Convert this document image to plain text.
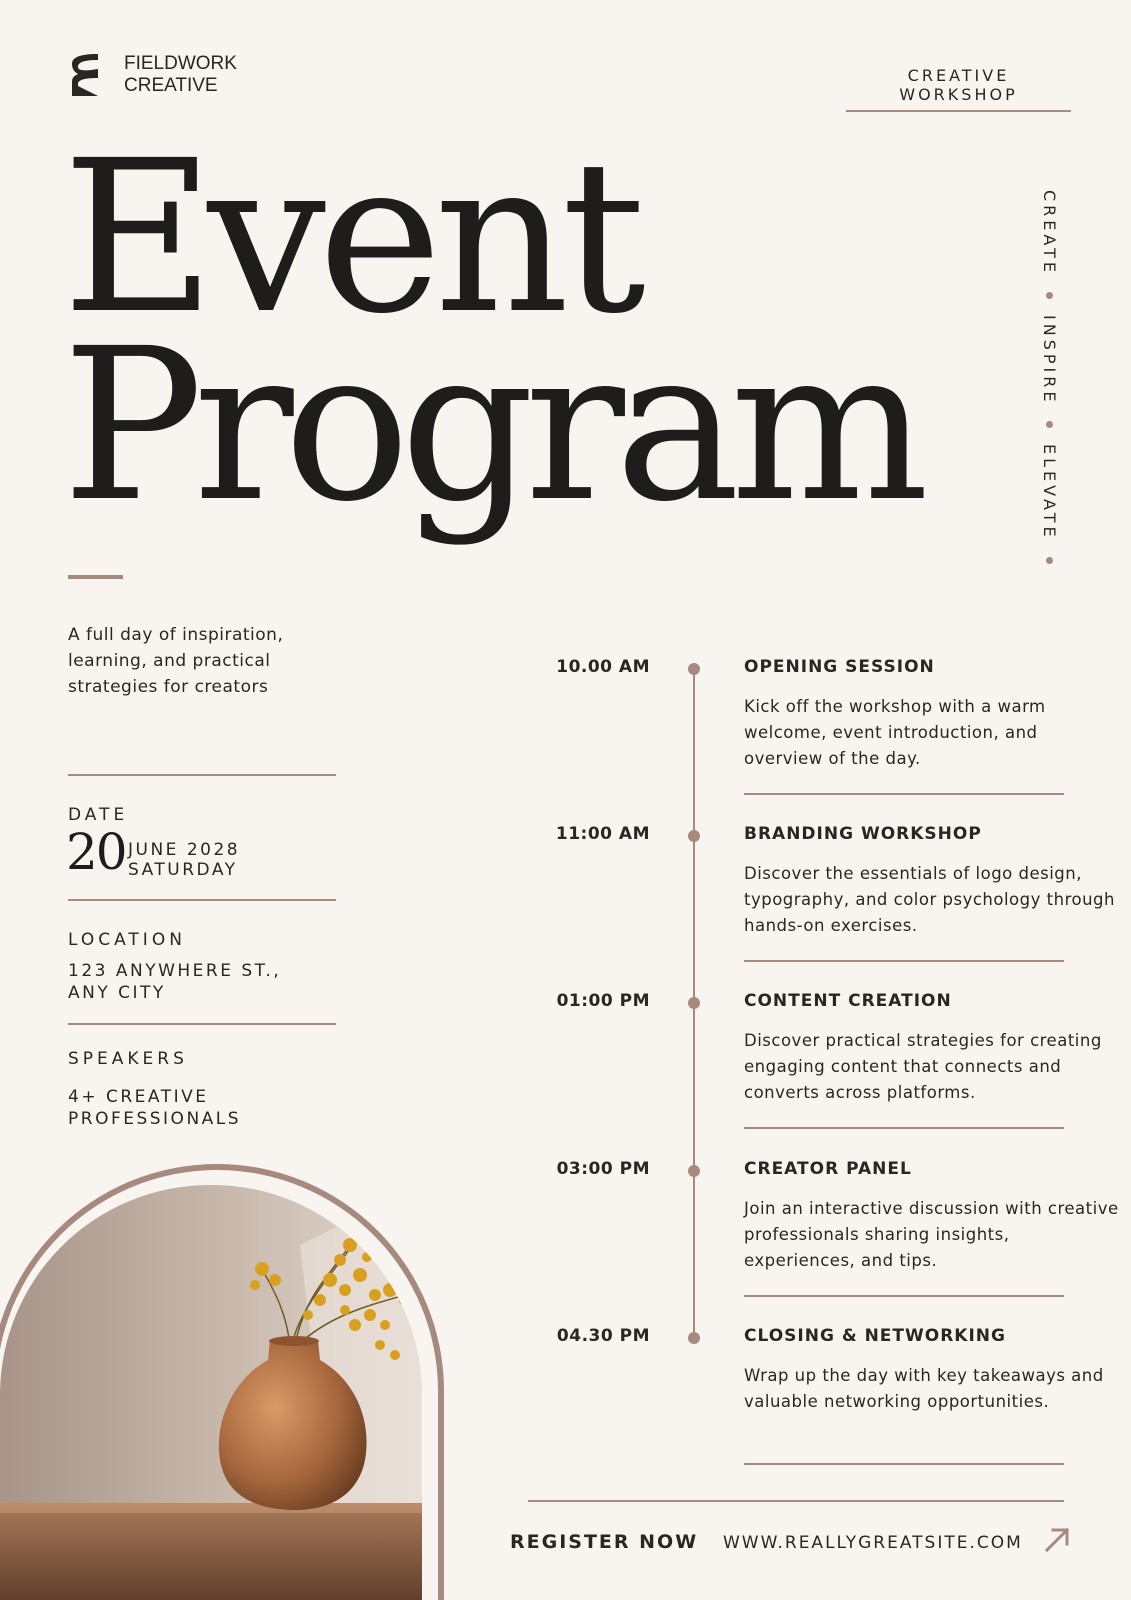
FIELDWORK
CREATIVE	CREATIVE WORKSHOP
Event
Program
CREATE
INSPIRE
ELEVATE

A full day of inspiration, learning, and practical strategies for creators

DATE
20 JUNE 2028
SATURDAY
LOCATION
123 ANYWHERE ST.,
ANY CITY
SPEAKERS
4+ CREATIVE
PROFESSIONALS
10.00 AM	OPENING SESSION
Kick off the workshop with a warm welcome, event introduction, and overview of the day.
11:00 AM	BRANDING WORKSHOP
Discover the essentials of logo design, typography, and color psychology through hands-on exercises.
01:00 PM	CONTENT CREATION
Discover practical strategies for creating engaging content that connects and converts across platforms.
03:00 PM	CREATOR PANEL
Join an interactive discussion with creative professionals sharing insights, experiences, and tips.
04.30 PM	CLOSING & NETWORKING
Wrap up the day with key takeaways and valuable networking opportunities.
REGISTER NOW WWW.REALLYGREATSITE.COM
